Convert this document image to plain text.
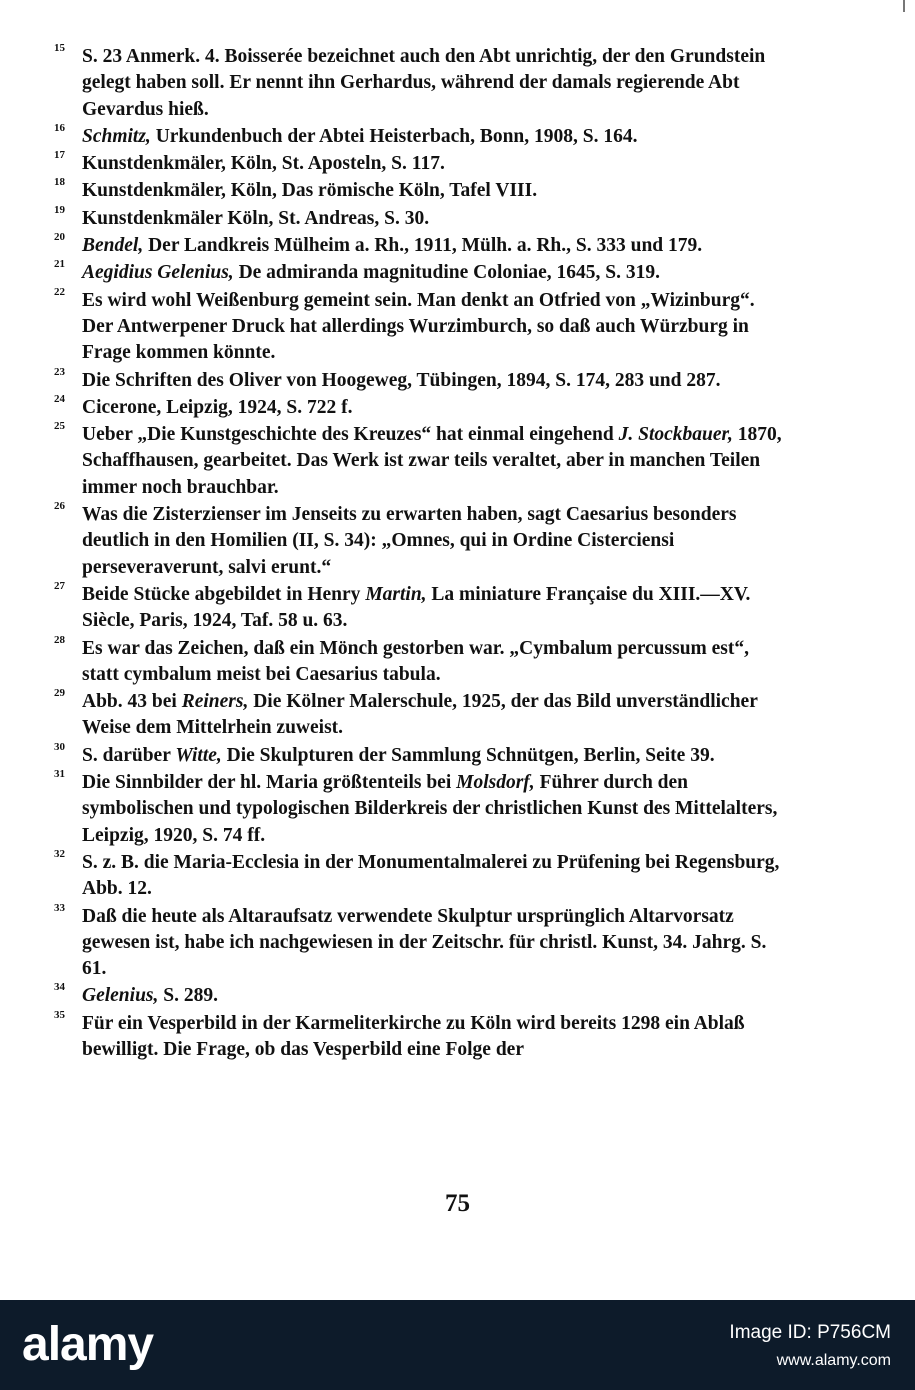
15 S. 23 Anmerk. 4. Boisserée bezeichnet auch den Abt unrichtig, der den Grundstein gelegt haben soll. Er nennt ihn Gerhardus, während der damals regierende Abt Gevardus hieß.
16 Schmitz, Urkundenbuch der Abtei Heisterbach, Bonn, 1908, S. 164.
17 Kunstdenkmäler, Köln, St. Aposteln, S. 117.
18 Kunstdenkmäler, Köln, Das römische Köln, Tafel VIII.
19 Kunstdenkmäler Köln, St. Andreas, S. 30.
20 Bendel, Der Landkreis Mülheim a. Rh., 1911, Mülh. a. Rh., S. 333 und 179.
21 Aegidius Gelenius, De admiranda magnitudine Coloniae, 1645, S. 319.
22 Es wird wohl Weißenburg gemeint sein. Man denkt an Otfried von „Wizinburg“. Der Antwerpener Druck hat allerdings Wurzimburch, so daß auch Würzburg in Frage kommen könnte.
23 Die Schriften des Oliver von Hoogeweg, Tübingen, 1894, S. 174, 283 und 287.
24 Cicerone, Leipzig, 1924, S. 722 f.
25 Ueber „Die Kunstgeschichte des Kreuzes“ hat einmal eingehend J. Stockbauer, 1870, Schaffhausen, gearbeitet. Das Werk ist zwar teils veraltet, aber in manchen Teilen immer noch brauchbar.
26 Was die Zisterzienser im Jenseits zu erwarten haben, sagt Caesarius besonders deutlich in den Homilien (II, S. 34): „Omnes, qui in Ordine Cisterciensi perseveraverunt, salvi erunt.“
27 Beide Stücke abgebildet in Henry Martin, La miniature Française du XIII.—XV. Siècle, Paris, 1924, Taf. 58 u. 63.
28 Es war das Zeichen, daß ein Mönch gestorben war. „Cymbalum percussum est“, statt cymbalum meist bei Caesarius tabula.
29 Abb. 43 bei Reiners, Die Kölner Malerschule, 1925, der das Bild unverständlicher Weise dem Mittelrhein zuweist.
30 S. darüber Witte, Die Skulpturen der Sammlung Schnütgen, Berlin, Seite 39.
31 Die Sinnbilder der hl. Maria größtenteils bei Molsdorf, Führer durch den symbolischen und typologischen Bilderkreis der christlichen Kunst des Mittelalters, Leipzig, 1920, S. 74 ff.
32 S. z. B. die Maria-Ecclesia in der Monumentalmalerei zu Prüfening bei Regensburg, Abb. 12.
33 Daß die heute als Altaraufsatz verwendete Skulptur ursprünglich Altarvorsatz gewesen ist, habe ich nachgewiesen in der Zeitschr. für christl. Kunst, 34. Jahrg. S. 61.
34 Gelenius, S. 289.
35 Für ein Vesperbild in der Karmeliterkirche zu Köln wird bereits 1298 ein Ablaß bewilligt. Die Frage, ob das Vesperbild eine Folge der
75
alamy	Image ID: P756CM
www.alamy.com
